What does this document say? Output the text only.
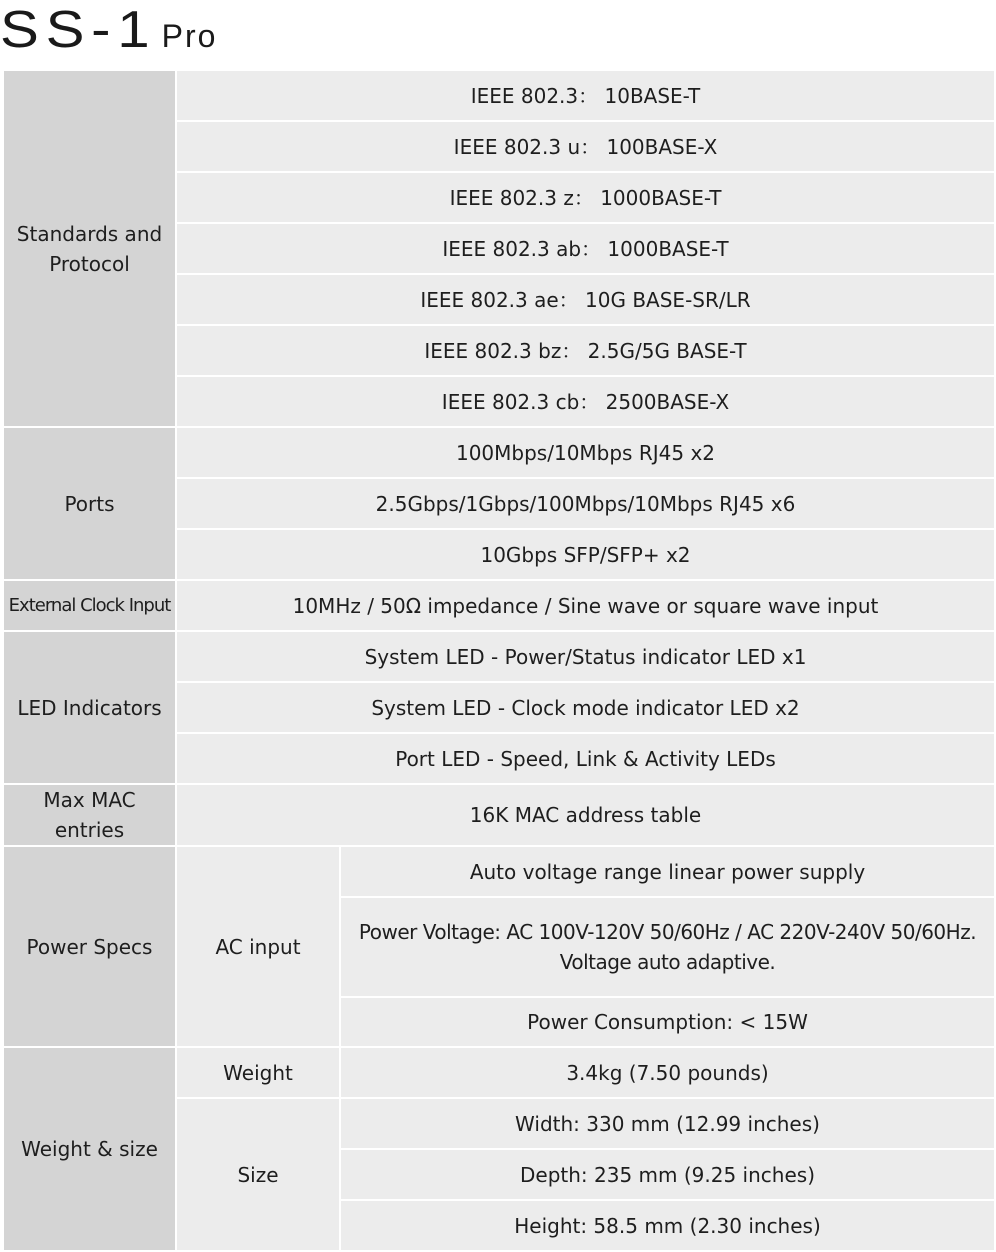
SS-1 Pro
Standards and Protocol	IEEE 802.3： 10BASE-T	
	IEEE 802.3 u： 100BASE-X	
	IEEE 802.3 z： 1000BASE-T	
	IEEE 802.3 ab： 1000BASE-T	
	IEEE 802.3 ae： 10G BASE-SR/LR	
	IEEE 802.3 bz： 2.5G/5G BASE-T	
	IEEE 802.3 cb： 2500BASE-X	
Ports	100Mbps/10Mbps RJ45 x2	
	2.5Gbps/1Gbps/100Mbps/10Mbps RJ45 x6	
	10Gbps SFP/SFP+ x2	
External Clock Input	10MHz / 50Ω impedance / Sine wave or square wave input	
LED Indicators	System LED - Power/Status indicator LED x1	
	System LED - Clock mode indicator LED x2	
	Port LED - Speed, Link & Activity LEDs	
Max MAC entries	16K MAC address table	
Power Specs	AC input	Auto voltage range linear power supply

		Power Voltage: AC 100V-120V 50/60Hz / AC 220V-240V 50/60Hz.
Voltage auto adaptive.

		Power Consumption: < 15W
Weight & size	Weight	3.4kg (7.50 pounds)
	Size	Width: 330 mm (12.99 inches)
		Depth: 235 mm (9.25 inches)
		Height: 58.5 mm (2.30 inches)
